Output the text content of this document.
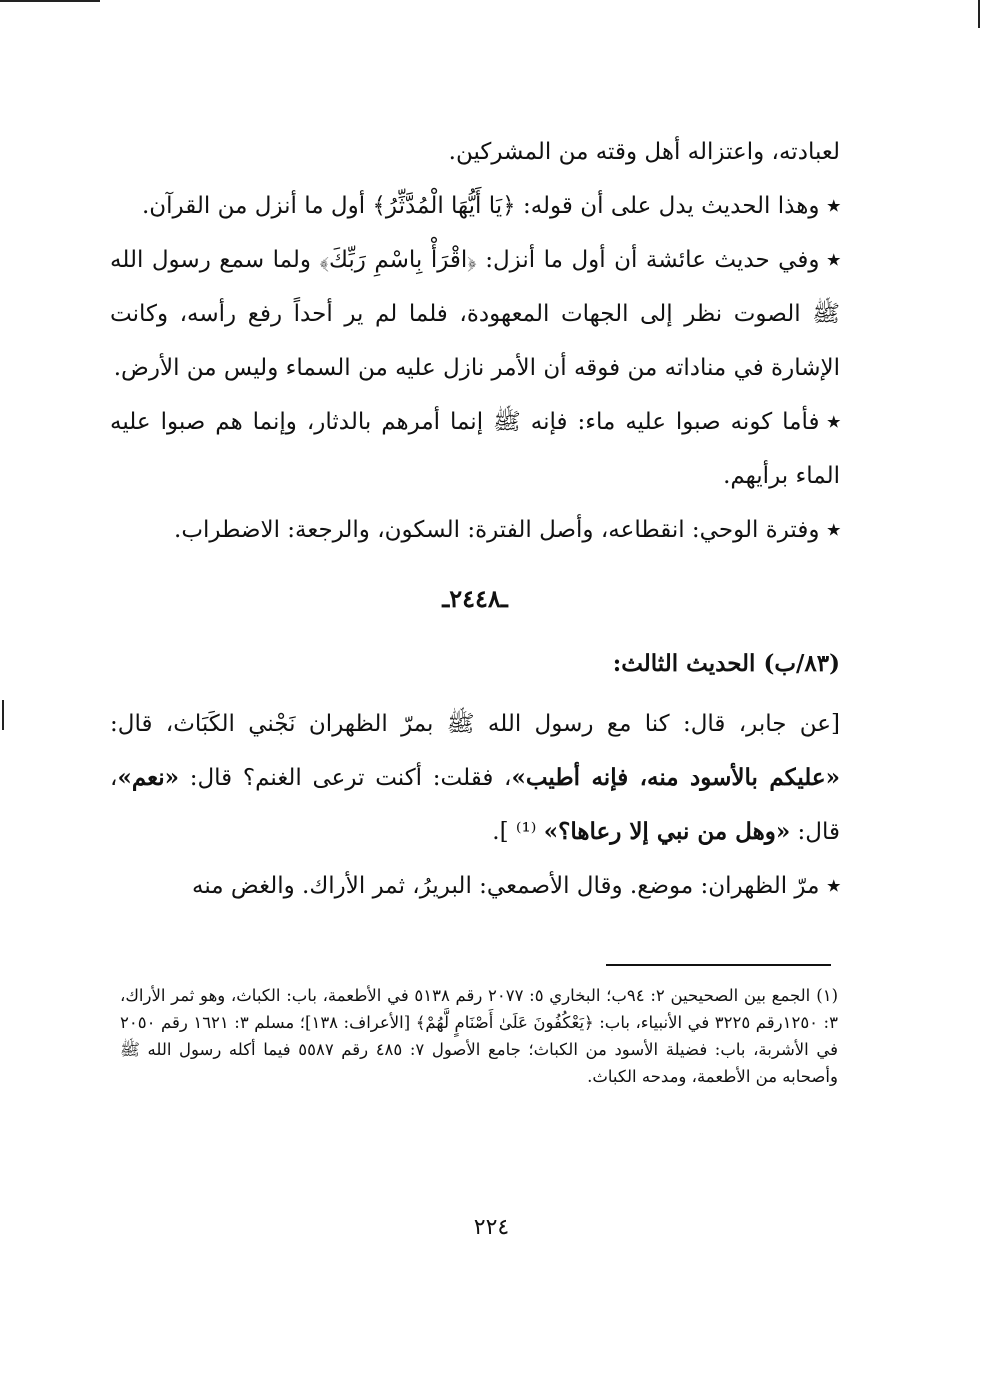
لعبادته، واعتزاله أهل وقته من المشركين.

٭وهذا الحديث يدل على أن قوله: ﴿يَا أَيُّهَا الْمُدَّثِّرُ﴾ أول ما أنزل من القرآن.

٭وفي حديث عائشة أن أول ما أنزل: ﴿اقْرَأْ بِاسْمِ رَبِّكَ﴾ ولما سمع رسول الله ﷺ الصوت نظر إلى الجهات المعهودة، فلما لم ير أحداً رفع رأسه، وكانت الإشارة في مناداته من فوقه أن الأمر نازل عليه من السماء وليس من الأرض.

٭فأما كونه صبوا عليه ماء: فإنه ﷺ إنما أمرهم بالدثار، وإنما هم صبوا عليه الماء برأيهم.

٭وفترة الوحي: انقطاعه، وأصل الفترة: السكون، والرجعة: الاضطراب.

ـ٢٤٤٨ـ

(٨٣/ب) الحديث الثالث:

[عن جابر، قال: كنا مع رسول الله ﷺ بمرّ الظهران نَجْني الكَبَاث، قال: «عليكم بالأسود منه، فإنه أطيب»، فقلت: أكنت ترعى الغنم؟ قال: «نعم»، قال: «وهل من نبي إلا رعاها؟» ⁽¹⁾ ].

٭مرّ الظهران: موضع. وقال الأصمعي: البريرُ، ثمر الأراك. والغض منه

(١)الجمع بين الصحيحين ٢: ٩٤ب؛ البخاري ٥: ٢٠٧٧ رقم ٥١٣٨ في الأطعمة، باب: الكباث، وهو ثمر الأراك، ٣: ١٢٥٠رقم ٣٢٢٥ في الأنبياء، باب: ﴿يَعْكُفُونَ عَلَىٰ أَصْنَامٍ لَّهُمْ﴾ [الأعراف: ١٣٨]؛ مسلم ٣: ١٦٢١ رقم ٢٠٥٠ في الأشربة، باب: فضيلة الأسود من الكباث؛ جامع الأصول ٧: ٤٨٥ رقم ٥٥٨٧ فيما أكله رسول الله ﷺ وأصحابه من الأطعمة، ومدحه الكباث.
٢٢٤
